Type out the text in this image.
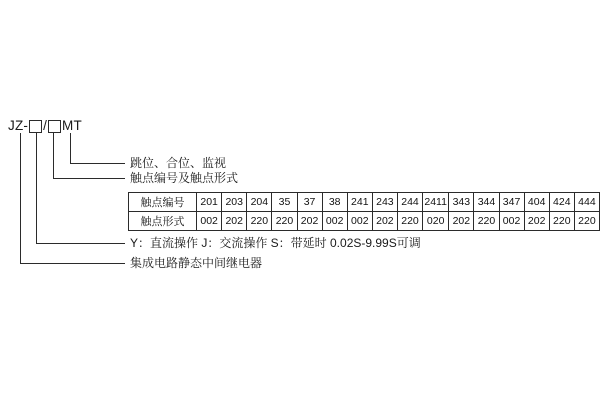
JZ- / MT
跳位、合位、监视
触点编号及触点形式
Y：直流操作 J：交流操作 S：带延时 0.02S-9.99S可调
集成电路静态中间继电器
触点编号	201	203	204	35	37	38	241	243	244	2411	343	344	347	404	424	444
触点形式	002	202	220	220	202	002	002	202	220	020	202	220	002	202	220	220
